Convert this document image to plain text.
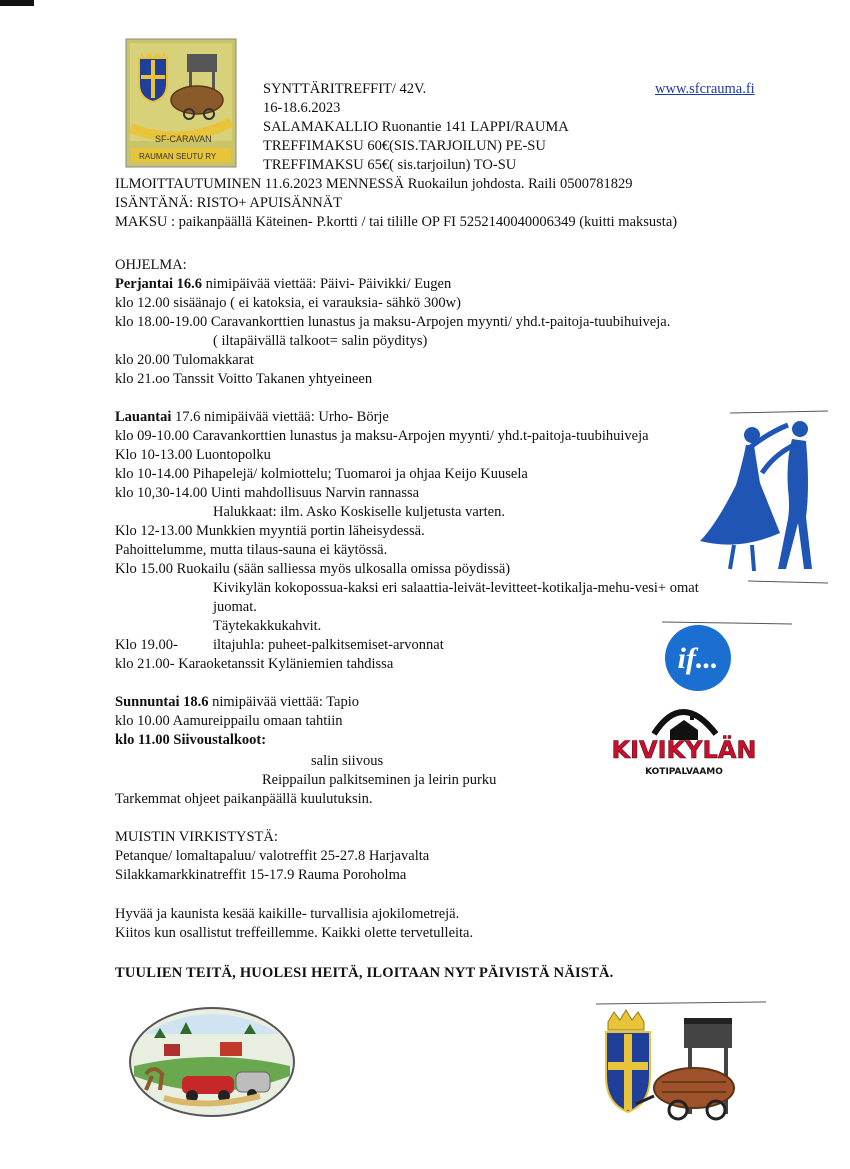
SF-CARAVAN
RAUMAN SEUTU RY
SYNTTÄRITREFFIT/ 42V.	www.sfcrauma.fi
16-18.6.2023
SALAMAKALLIO Ruonantie 141 LAPPI/RAUMA
TREFFIMAKSU 60€(SIS.TARJOILUN) PE-SU
TREFFIMAKSU 65€( sis.tarjoilun) TO-SU
ILMOITTAUTUMINEN 11.6.2023 MENNESSÄ Ruokailun johdosta. Raili 0500781829
ISÄNTÄNÄ: RISTO+ APUISÄNNÄT
MAKSU : paikanpäällä Käteinen- P.kortti / tai tilille OP FI 5252140040006349 (kuitti maksusta)
OHJELMA:
Perjantai 16.6 nimipäivää viettää: Päivi- Päivikki/ Eugen
klo 12.00 sisäänajo ( ei katoksia, ei varauksia- sähkö 300w)
klo 18.00-19.00 Caravankorttien lunastus ja maksu-Arpojen myynti/ yhd.t-paitoja-tuubihuiveja.
( iltapäivällä talkoot= salin pöyditys)
klo 20.00 Tulomakkarat
klo 21.oo Tanssit Voitto Takanen yhtyeineen
Lauantai 17.6 nimipäivää viettää: Urho- Börje
klo 09-10.00 Caravankorttien lunastus ja maksu-Arpojen myynti/ yhd.t-paitoja-tuubihuiveja
Klo 10-13.00 Luontopolku
klo 10-14.00 Pihapelejä/ kolmiottelu; Tuomaroi ja ohjaa Keijo Kuusela
klo 10,30-14.00 Uinti mahdollisuus Narvin rannassa
Halukkaat: ilm. Asko Koskiselle kuljetusta varten.
Klo 12-13.00 Munkkien myyntiä portin läheisydessä.
Pahoittelumme, mutta tilaus-sauna ei käytössä.
Klo 15.00 Ruokailu (sään salliessa myös ulkosalla omissa pöydissä)
Kivikylän kokopossua-kaksi eri salaattia-leivät-levitteet-kotikalja-mehu-vesi+ omat
juomat.
Täytekakkukahvit.
Klo 19.00- iltajuhla: puheet-palkitsemiset-arvonnat
klo 21.00- Karaoketanssit Kyläniemien tahdissa
Sunnuntai 18.6 nimipäivää viettää: Tapio
klo 10.00 Aamureippailu omaan tahtiin
klo 11.00 Siivoustalkoot:
salin siivous
Reippailun palkitseminen ja leirin purku
Tarkemmat ohjeet paikanpäällä kuulutuksin.
MUISTIN VIRKISTYSTÄ:
Petanque/ lomaltapaluu/ valotreffit 25-27.8 Harjavalta
Silakkamarkkinatreffit 15-17.9 Rauma Poroholma
Hyvää ja kaunista kesää kaikille- turvallisia ajokilometrejä.
Kiitos kun osallistut treffeillemme. Kaikki olette tervetulleita.
TUULIEN TEITÄ, HUOLESI HEITÄ, ILOITAAN NYT PÄIVISTÄ NÄISTÄ.
if...
KIVIKYLÄN
KOTIPALVAAMO
